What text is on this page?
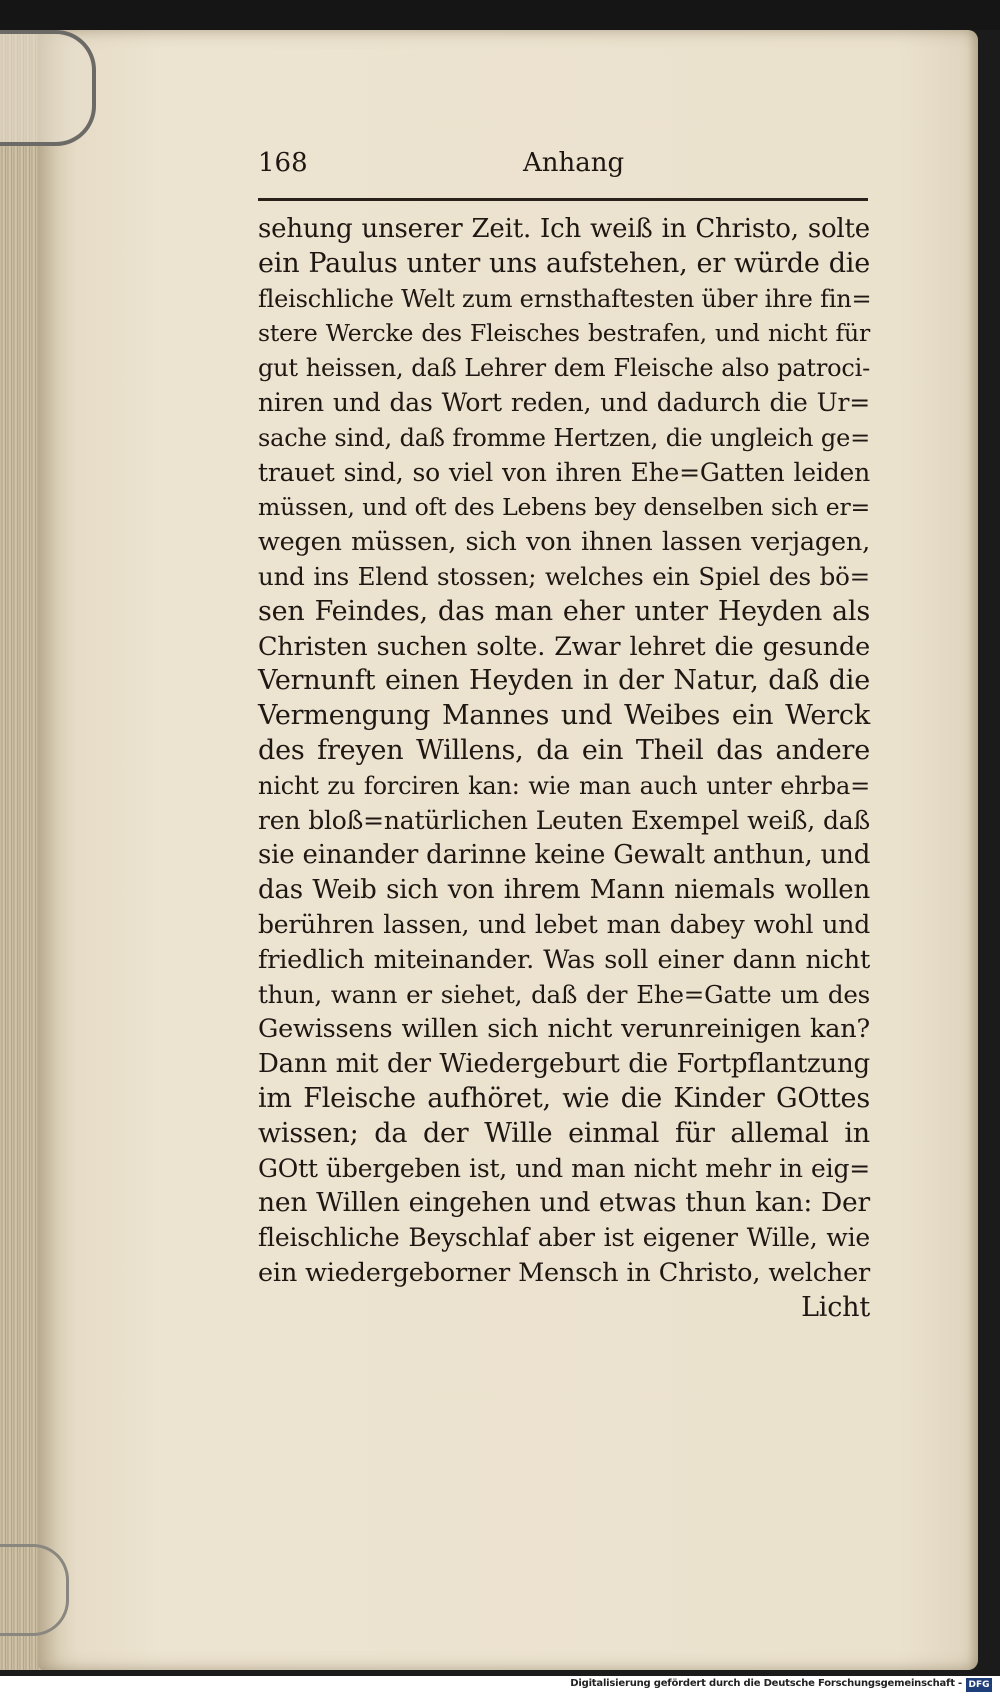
168	Anhang
sehung unserer Zeit. Ich weiß in Christo, solte
ein Paulus unter uns aufstehen, er würde die
fleischliche Welt zum ernsthaftesten über ihre fin=
stere Wercke des Fleisches bestrafen, und nicht für
gut heissen, daß Lehrer dem Fleische also patroci-
niren und das Wort reden, und dadurch die Ur=
sache sind, daß fromme Hertzen, die ungleich ge=
trauet sind, so viel von ihren Ehe=Gatten leiden
müssen, und oft des Lebens bey denselben sich er=
wegen müssen, sich von ihnen lassen verjagen,
und ins Elend stossen; welches ein Spiel des bö=
sen Feindes, das man eher unter Heyden als
Christen suchen solte. Zwar lehret die gesunde
Vernunft einen Heyden in der Natur, daß die
Vermengung Mannes und Weibes ein Werck
des freyen Willens, da ein Theil das andere
nicht zu forciren kan: wie man auch unter ehrba=
ren bloß=natürlichen Leuten Exempel weiß, daß
sie einander darinne keine Gewalt anthun, und
das Weib sich von ihrem Mann niemals wollen
berühren lassen, und lebet man dabey wohl und
friedlich miteinander. Was soll einer dann nicht
thun, wann er siehet, daß der Ehe=Gatte um des
Gewissens willen sich nicht verunreinigen kan?
Dann mit der Wiedergeburt die Fortpflantzung
im Fleische aufhöret, wie die Kinder GOttes
wissen; da der Wille einmal für allemal in
GOtt übergeben ist, und man nicht mehr in eig=
nen Willen eingehen und etwas thun kan: Der
fleischliche Beyschlaf aber ist eigener Wille, wie
ein wiedergeborner Mensch in Christo, welcher
Licht
Digitalisierung gefördert durch die Deutsche Forschungsgemeinschaft - DFG
